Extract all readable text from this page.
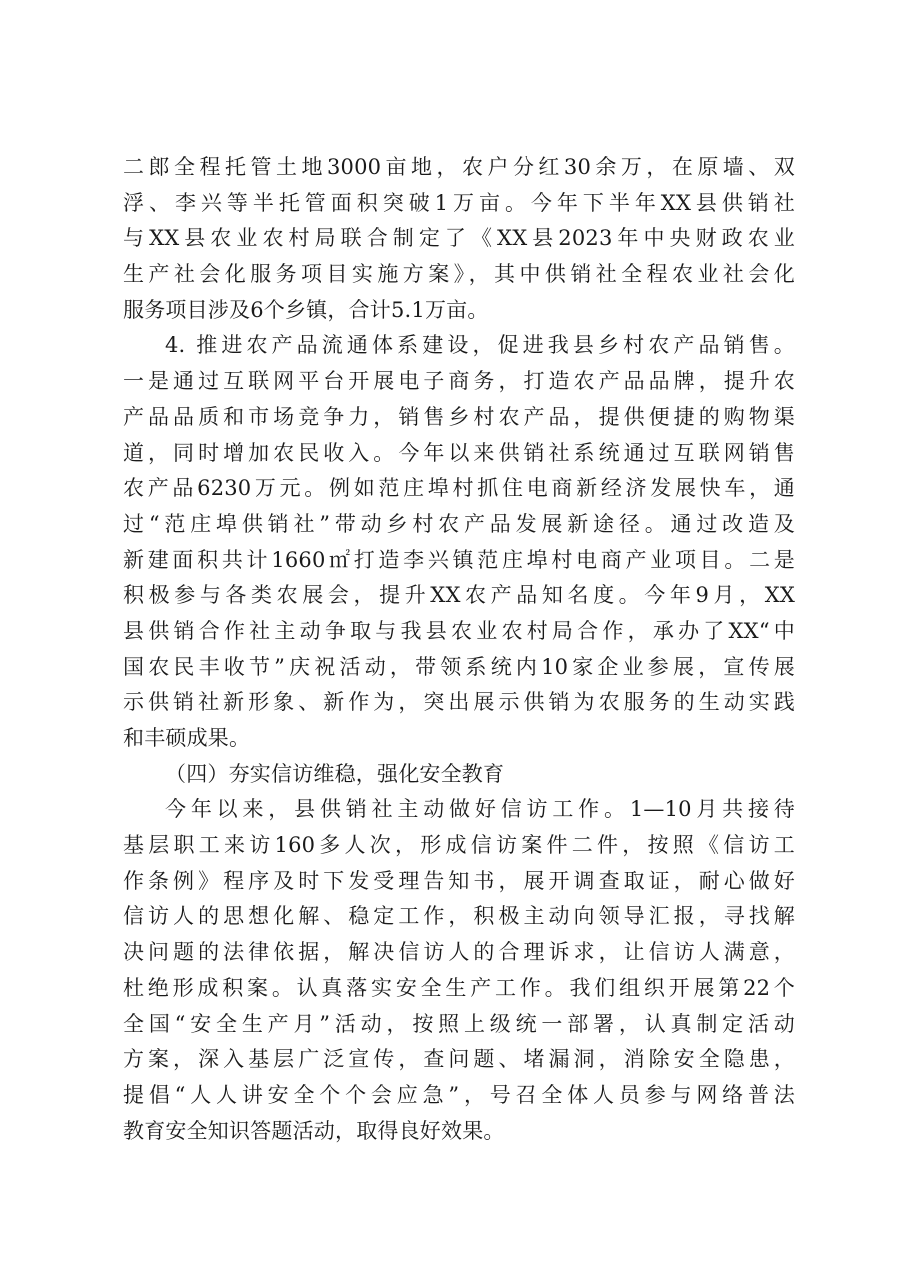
二郎全程托管土地3000亩地，农户分红30余万，在原墙、双
浮、李兴等半托管面积突破1万亩。今年下半年XX县供销社
与XX县农业农村局联合制定了《XX县2023年中央财政农业
生产社会化服务项目实施方案》，其中供销社全程农业社会化
服务项目涉及6个乡镇，合计5.1万亩。
4. 推进农产品流通体系建设，促进我县乡村农产品销售。
一是通过互联网平台开展电子商务，打造农产品品牌，提升农
产品品质和市场竞争力，销售乡村农产品，提供便捷的购物渠
道，同时增加农民收入。今年以来供销社系统通过互联网销售
农产品6230万元。例如范庄埠村抓住电商新经济发展快车，通
过“范庄埠供销社”带动乡村农产品发展新途径。通过改造及
新建面积共计1660㎡打造李兴镇范庄埠村电商产业项目。二是
积极参与各类农展会，提升XX农产品知名度。今年9月，XX
县供销合作社主动争取与我县农业农村局合作，承办了XX“中
国农民丰收节”庆祝活动，带领系统内10家企业参展，宣传展
示供销社新形象、新作为，突出展示供销为农服务的生动实践
和丰硕成果。
（四）夯实信访维稳，强化安全教育
今年以来，县供销社主动做好信访工作。1—10月共接待
基层职工来访160多人次，形成信访案件二件，按照《信访工
作条例》程序及时下发受理告知书，展开调查取证，耐心做好
信访人的思想化解、稳定工作，积极主动向领导汇报，寻找解
决问题的法律依据，解决信访人的合理诉求，让信访人满意，
杜绝形成积案。认真落实安全生产工作。我们组织开展第22个
全国“安全生产月”活动，按照上级统一部署，认真制定活动
方案，深入基层广泛宣传，查问题、堵漏洞，消除安全隐患，
提倡“人人讲安全个个会应急”，号召全体人员参与网络普法
教育安全知识答题活动，取得良好效果。
